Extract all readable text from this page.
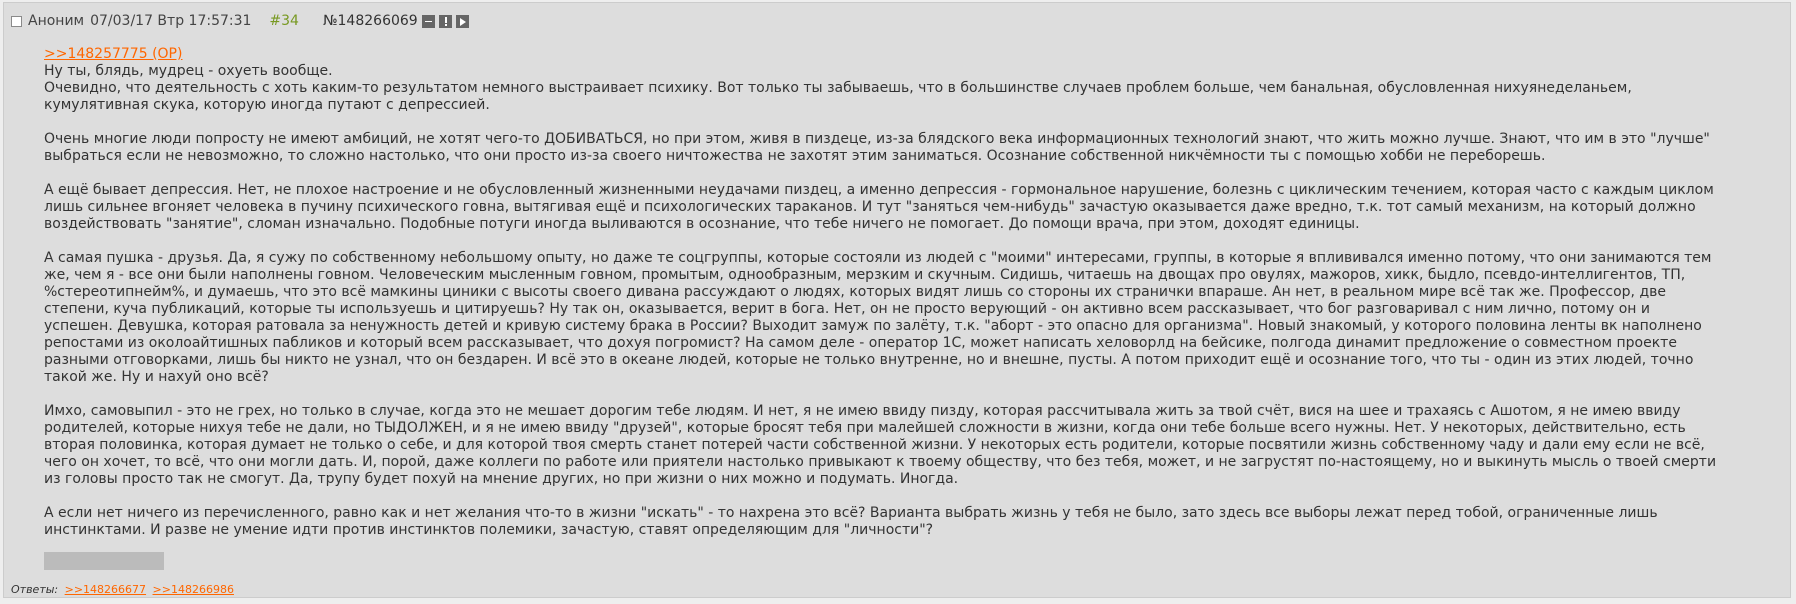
Аноним 07/03/17 Втр 17:57:31 #34 №148266069
>>148257775 (OP)

Ну ты, блядь, мудрец - охуеть вообще.
Очевидно, что деятельность с хоть каким-то результатом немного выстраивает психику. Вот только ты забываешь, что в большинстве случаев проблем больше, чем банальная, обусловленная нихуянеделаньем,
кумулятивная скука, которую иногда путают с депрессией.

Очень многие люди попросту не имеют амбиций, не хотят чего-то ДОБИВАТЬСЯ, но при этом, живя в пиздеце, из-за блядского века информационных технологий знают, что жить можно лучше. Знают, что им в это "лучше"
выбраться если не невозможно, то сложно настолько, что они просто из-за своего ничтожества не захотят этим заниматься. Осознание собственной никчёмности ты с помощью хобби не переборешь.

А ещё бывает депрессия. Нет, не плохое настроение и не обусловленный жизненными неудачами пиздец, а именно депрессия - гормональное нарушение, болезнь с циклическим течением, которая часто с каждым циклом
лишь сильнее вгоняет человека в пучину психического говна, вытягивая ещё и психологических тараканов. И тут "заняться чем-нибудь" зачастую оказывается даже вредно, т.к. тот самый механизм, на который должно
воздействовать "занятие", сломан изначально. Подобные потуги иногда выливаются в осознание, что тебе ничего не помогает. До помощи врача, при этом, доходят единицы.

А самая пушка - друзья. Да, я сужу по собственному небольшому опыту, но даже те соцгруппы, которые состояли из людей с "моими" интересами, группы, в которые я вплививался именно потому, что они занимаются тем
же, чем я - все они были наполнены говном. Человеческим мысленным говном, промытым, однообразным, мерзким и скучным. Сидишь, читаешь на двощах про овулях, мажоров, хикк, быдло, псевдо-интеллигентов, ТП,
%стереотипнейм%, и думаешь, что это всё мамкины циники с высоты своего дивана рассуждают о людях, которых видят лишь со стороны их странички впараше. Ан нет, в реальном мире всё так же. Профессор, две
степени, куча публикаций, которые ты используешь и цитируешь? Ну так он, оказывается, верит в бога. Нет, он не просто верующий - он активно всем рассказывает, что бог разговаривал с ним лично, потому он и
успешен. Девушка, которая ратовала за ненужность детей и кривую систему брака в России? Выходит замуж по залёту, т.к. "аборт - это опасно для организма". Новый знакомый, у которого половина ленты вк наполнено
репостами из околоайтишных пабликов и который всем рассказывает, что дохуя погромист? На самом деле - оператор 1С, может написать хеловорлд на бейсике, полгода динамит предложение о совместном проекте
разными отговорками, лишь бы никто не узнал, что он бездарен. И всё это в океане людей, которые не только внутренне, но и внешне, пусты. А потом приходит ещё и осознание того, что ты - один из этих людей, точно
такой же. Ну и нахуй оно всё?

Имхо, самовыпил - это не грех, но только в случае, когда это не мешает дорогим тебе людям. И нет, я не имею ввиду пизду, которая рассчитывала жить за твой счёт, вися на шее и трахаясь с Ашотом, я не имею ввиду
родителей, которые нихуя тебе не дали, но ТЫДОЛЖЕН, и я не имею ввиду "друзей", которые бросят тебя при малейшей сложности в жизни, когда они тебе больше всего нужны. Нет. У некоторых, действительно, есть
вторая половинка, которая думает не только о себе, и для которой твоя смерть станет потерей части собственной жизни. У некоторых есть родители, которые посвятили жизнь собственному чаду и дали ему если не всё,
чего он хочет, то всё, что они могли дать. И, порой, даже коллеги по работе или приятели настолько привыкают к твоему обществу, что без тебя, может, и не загрустят по-настоящему, но и выкинуть мысль о твоей смерти
из головы просто так не смогут. Да, трупу будет похуй на мнение других, но при жизни о них можно и подумать. Иногда.

А если нет ничего из перечисленного, равно как и нет желания что-то в жизни "искать" - то нахрена это всё? Варианта выбрать жизнь у тебя не было, зато здесь все выборы лежат перед тобой, ограниченные лишь
инстинктами. И разве не умение идти против инстинктов полемики, зачастую, ставят определяющим для "личности"?

Ответы: >>148266677 >>148266986
